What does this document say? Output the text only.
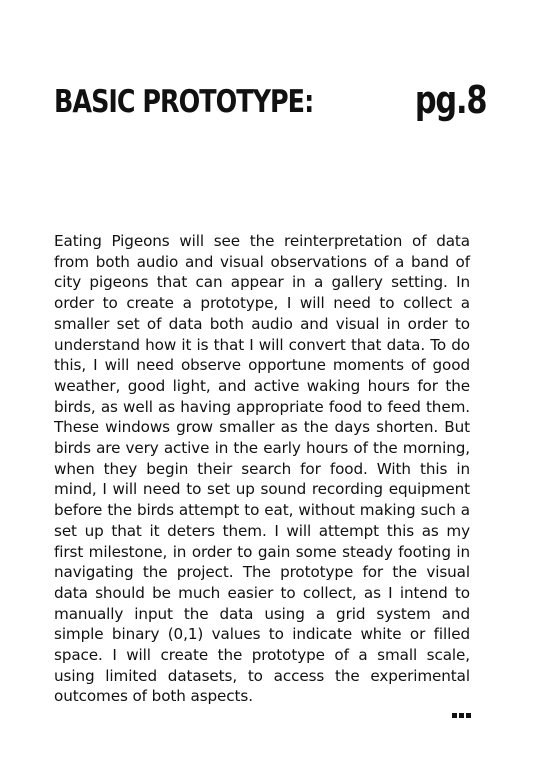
BASIC PROTOTYPE:	pg.8

Eating Pigeons will see the reinterpretation of data from both audio and visual observations of a band of city pigeons that can appear in a gallery setting. In order to create a prototype, I will need to collect a smaller set of data both audio and visual in order to understand how it is that I will convert that data. To do this, I will need observe opportune moments of good weather, good light, and active waking hours for the birds, as well as having appropriate food to feed them. These windows grow smaller as the days shorten. But birds are very active in the early hours of the morning, when they begin their search for food. With this in mind, I will need to set up sound recording equipment before the birds attempt to eat, without making such a set up that it deters them. I will attempt this as my first milestone, in order to gain some steady footing in navigating the project. The prototype for the visual data should be much easier to collect, as I intend to manually input the data using a grid system and simple binary (0,1) values to indicate white or filled space. I will create the prototype of a small scale, using limited datasets, to access the experimental outcomes of both aspects.
